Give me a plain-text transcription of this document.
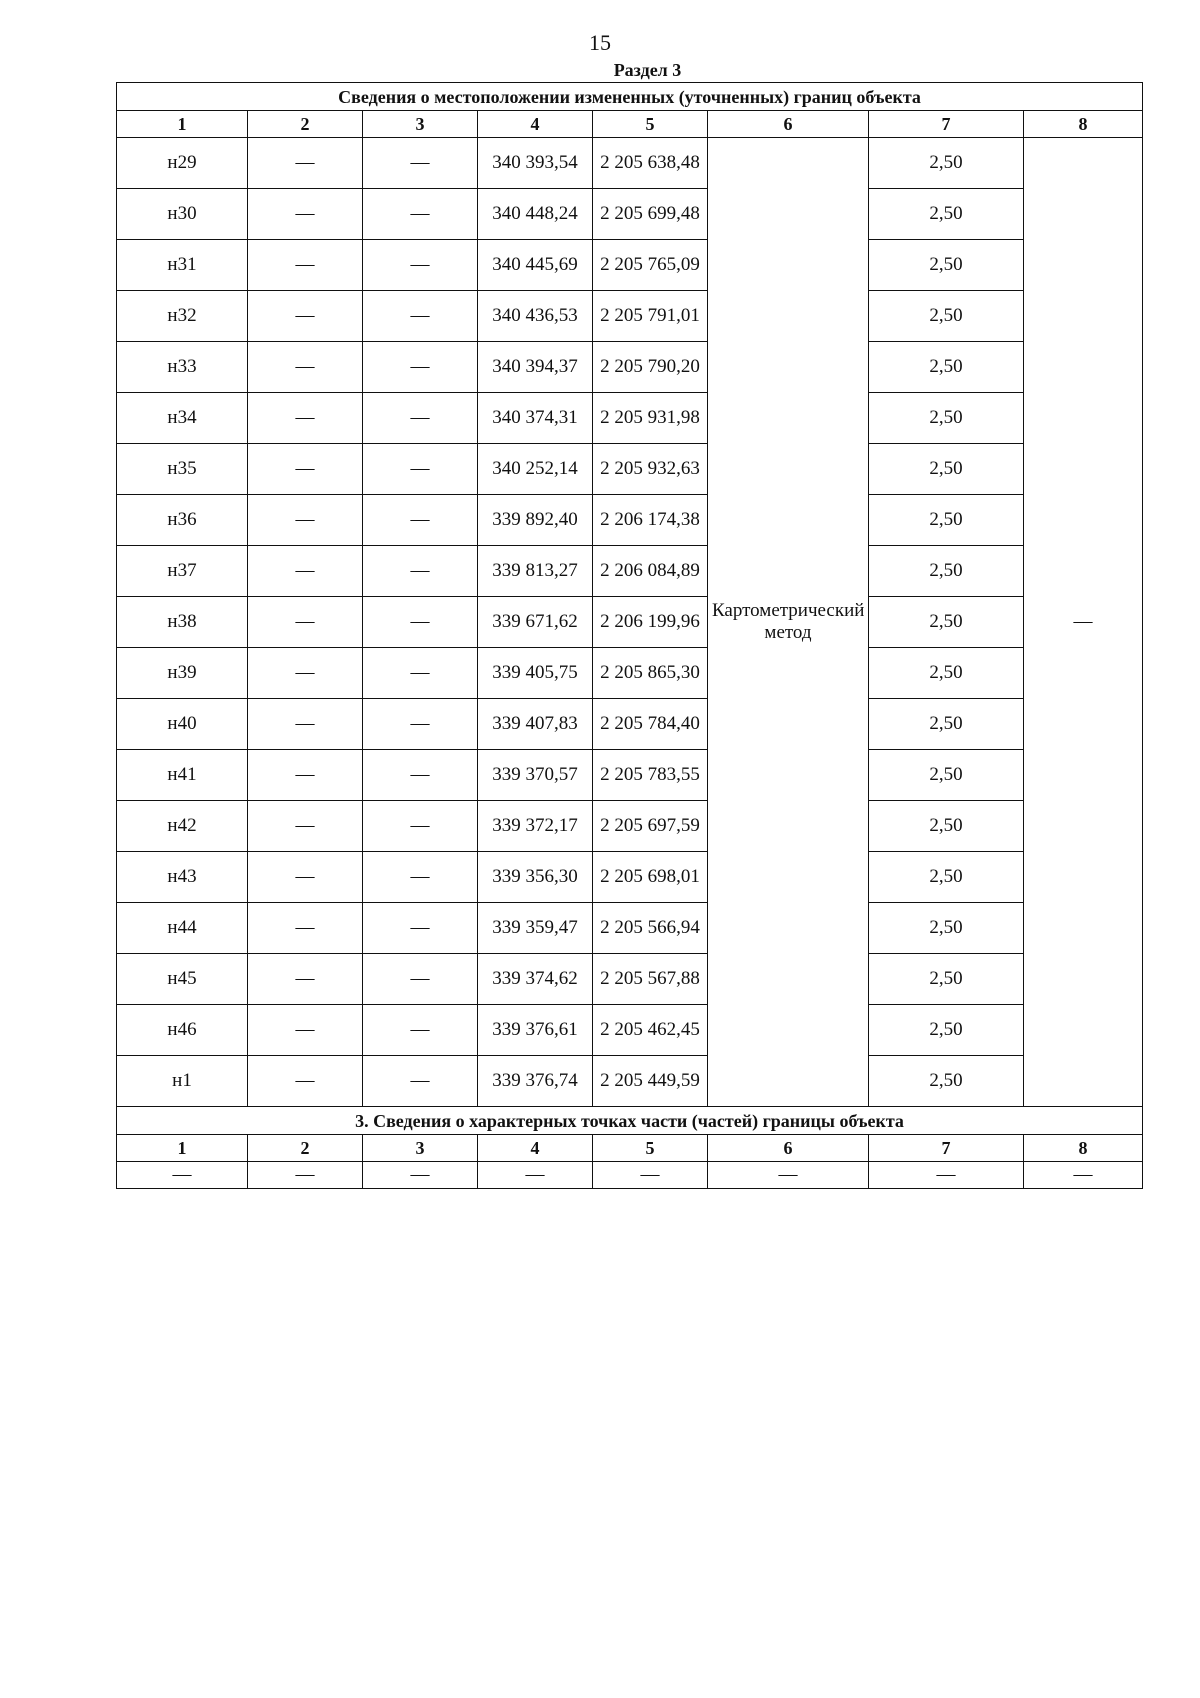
15
Раздел 3
Сведения о местоположении измененных (уточненных) границ объекта							
1	2	3	4	5	6	7	8
н29	—	—	340 393,54	2 205 638,48	Картометрический метод	2,50	—
н30	—	—	340 448,24	2 205 699,48		2,50	
н31	—	—	340 445,69	2 205 765,09		2,50	
н32	—	—	340 436,53	2 205 791,01		2,50	
н33	—	—	340 394,37	2 205 790,20		2,50	
н34	—	—	340 374,31	2 205 931,98		2,50	
н35	—	—	340 252,14	2 205 932,63		2,50	
н36	—	—	339 892,40	2 206 174,38		2,50	
н37	—	—	339 813,27	2 206 084,89		2,50	
н38	—	—	339 671,62	2 206 199,96		2,50	
н39	—	—	339 405,75	2 205 865,30		2,50	
н40	—	—	339 407,83	2 205 784,40		2,50	
н41	—	—	339 370,57	2 205 783,55		2,50	
н42	—	—	339 372,17	2 205 697,59		2,50	
н43	—	—	339 356,30	2 205 698,01		2,50	
н44	—	—	339 359,47	2 205 566,94		2,50	
н45	—	—	339 374,62	2 205 567,88		2,50	
н46	—	—	339 376,61	2 205 462,45		2,50	
н1	—	—	339 376,74	2 205 449,59		2,50	
3. Сведения о характерных точках части (частей) границы объекта							
1	2	3	4	5	6	7	8
—	—	—	—	—	—	—	—
